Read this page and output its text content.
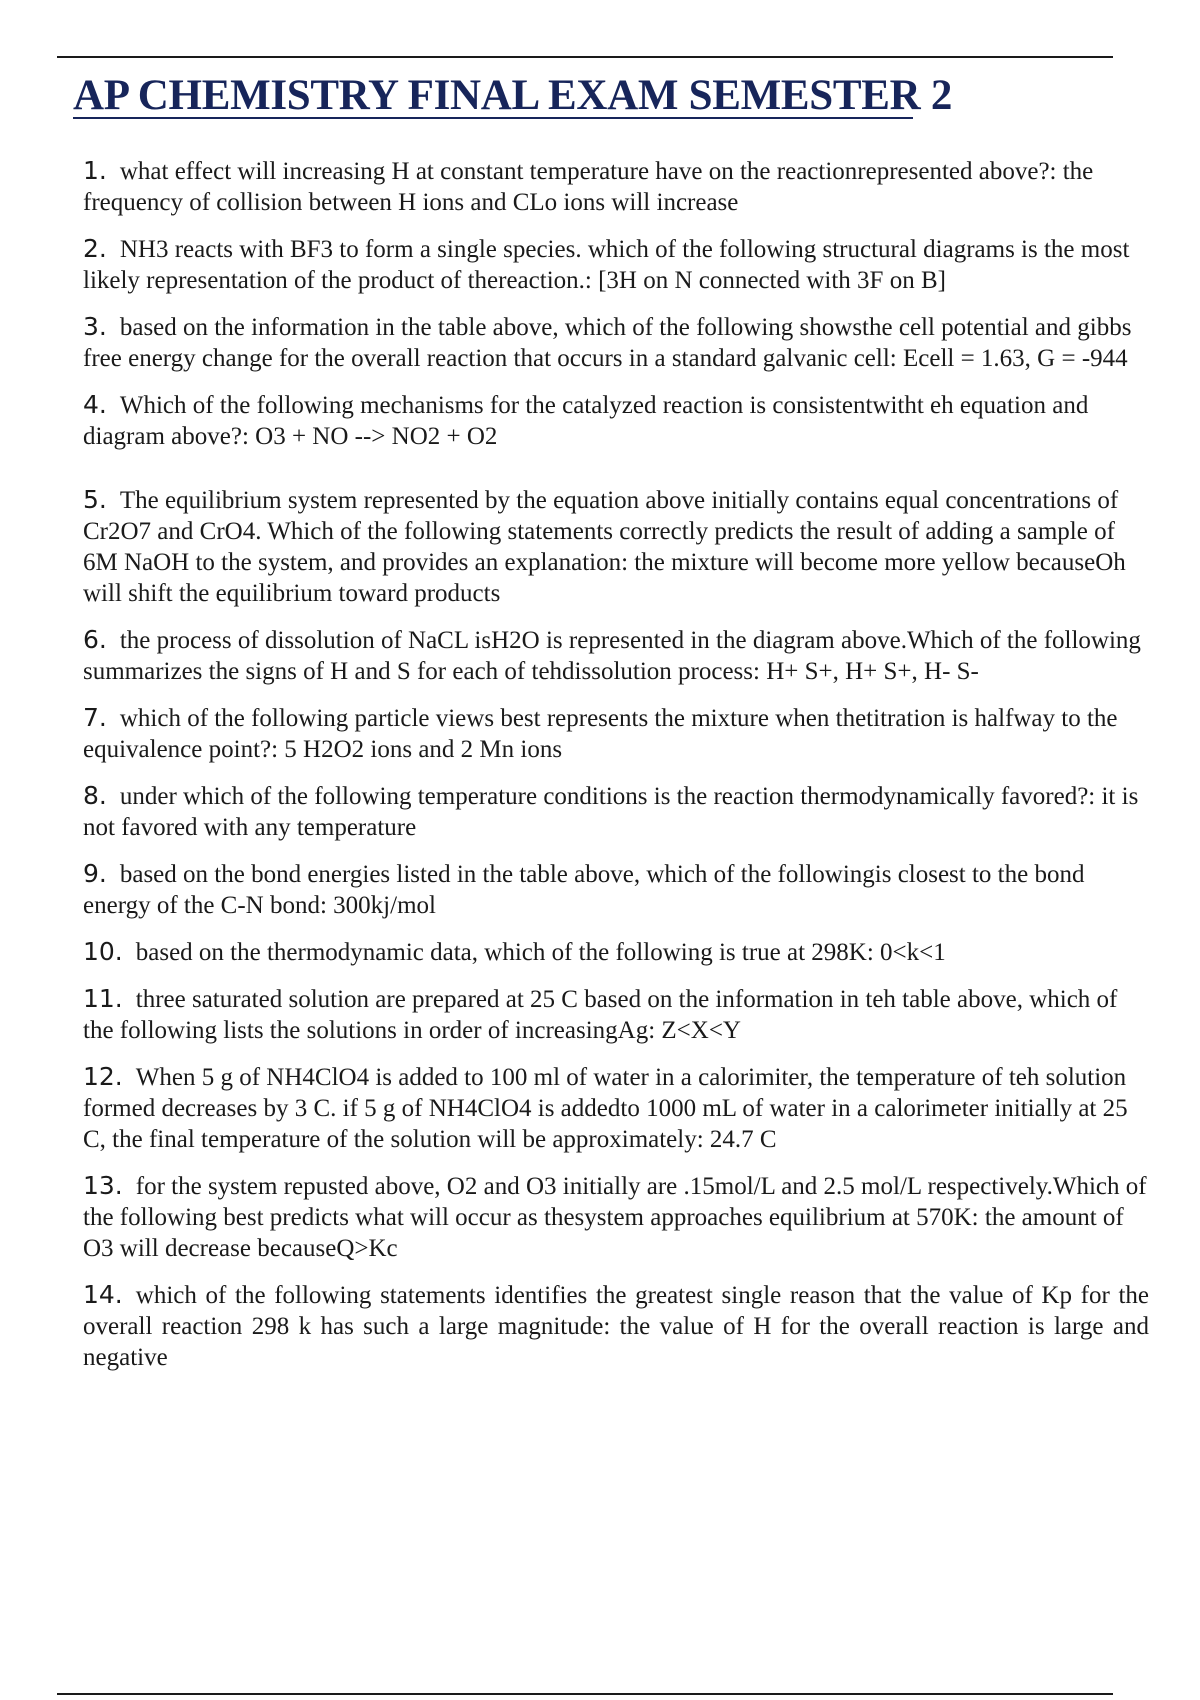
AP CHEMISTRY FINAL EXAM SEMESTER 2
1. what effect will increasing H at constant temperature have on the reactionrepresented above?: the frequency of collision between H ions and CLo ions will increase
2. NH3 reacts with BF3 to form a single species. which of the following structural diagrams is the most likely representation of the product of thereaction.: [3H on N connected with 3F on B]
3. based on the information in the table above, which of the following showsthe cell potential and gibbs free energy change for the overall reaction that occurs in a standard galvanic cell: Ecell = 1.63, G = -944
4. Which of the following mechanisms for the catalyzed reaction is consistentwitht eh equation and diagram above?: O3 + NO --> NO2 + O2
5. The equilibrium system represented by the equation above initially contains equal concentrations of Cr2O7 and CrO4. Which of the following statements correctly predicts the result of adding a sample of 6M NaOH to the system, and provides an explanation: the mixture will become more yellow becauseOh will shift the equilibrium toward products
6. the process of dissolution of NaCL isH2O is represented in the diagram above.Which of the following summarizes the signs of H and S for each of tehdissolution process: H+ S+, H+ S+, H- S-
7. which of the following particle views best represents the mixture when thetitration is halfway to the equivalence point?: 5 H2O2 ions and 2 Mn ions
8. under which of the following temperature conditions is the reaction thermodynamically favored?: it is not favored with any temperature
9. based on the bond energies listed in the table above, which of the followingis closest to the bond energy of the C-N bond: 300kj/mol
10. based on the thermodynamic data, which of the following is true at 298K: 0<k<1
11. three saturated solution are prepared at 25 C based on the information in teh table above, which of the following lists the solutions in order of increasingAg: Z<X<Y
12. When 5 g of NH4ClO4 is added to 100 ml of water in a calorimiter, the temperature of teh solution formed decreases by 3 C. if 5 g of NH4ClO4 is addedto 1000 mL of water in a calorimeter initially at 25 C, the final temperature of the solution will be approximately: 24.7 C
13. for the system repusted above, O2 and O3 initially are .15mol/L and 2.5 mol/L respectively.Which of the following best predicts what will occur as thesystem approaches equilibrium at 570K: the amount of O3 will decrease becauseQ>Kc
14. which of the following statements identifies the greatest single reason that the value of Kp for the overall reaction 298 k has such a large magnitude: the value of H for the overall reaction is large and negative
